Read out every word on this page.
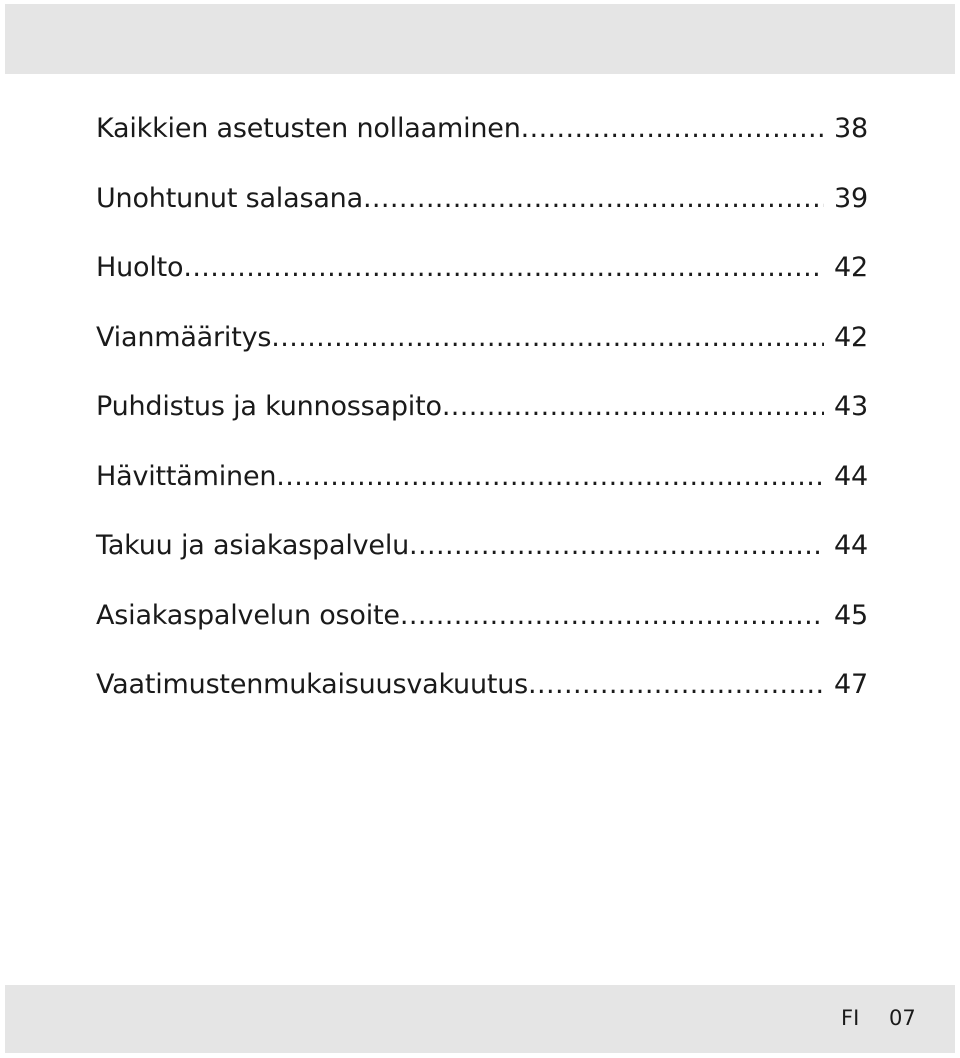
Kaikkien asetusten nollaaminen .....	38
Unohtunut salasana .....	39
Huolto .....	42
Vianmääritys .....	42
Puhdistus ja kunnossapito .....	43
Hävittäminen .....	44
Takuu ja asiakaspalvelu .....	44
Asiakaspalvelun osoite .....	45
Vaatimustenmukaisuusvakuutus .....	47
FI 07
